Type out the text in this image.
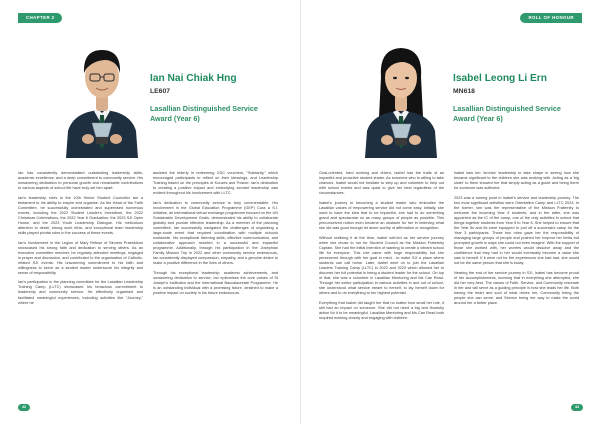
CHAPTER 2
Ian Nai Chiak Hng
LE607
Lasallian Distinguished Service Award (Year 6)

Ian has consistently demonstrated outstanding leadership skills, academic excellence, and a deep commitment to community service. His unwavering dedication to personal growth and remarkable contributions to various aspects of school life have truly set him apart.

Ian's leadership roles in the 10th Senior Student Councillor are a testament to his ability to inspire and organise. As the Head of the Faith Committee, he successfully orchestrated and supervised numerous events, including the 2022 Student Leader's Investiture, the 2022 Christmas Celebrations, the 2022 Year 6 Graduation, the 2023 SJI Open House, and the 2023 Youth Leadership Dialogue. His meticulous attention to detail, strong work ethic, and exceptional team leadership skills played pivotal roles in the success of these events.

Ian's involvement in the Legion of Mary Refuse of Sinners Praesidium showcased his strong faith and dedication to serving others. As an executive committee member, he regularly attended meetings, engaged in prayer and discussion, and contributed to the organisation of Catholic-related SJI events. His unwavering commitment to his faith and willingness to serve as a student leader underscore his integrity and sense of responsibility.

Ian's participation in the planning committee for the Lasallian Leadership Training Camp (LLTC) showcased his tenacious commitment to leadership and community service. He effectively organised and facilitated meaningful experiences, including activities like "Journey," where he

assisted the elderly in redeeming CDC vouchers, "Solidarity," which encouraged participants to reflect on their blessings, and Leadership Training based on the principles of Kouzes and Posner. Ian's dedication to creating a positive impact and embodying servant leadership was evident throughout his involvement with LLTC.

Ian's dedication to community service is truly commendable. His involvement in the Global Education Programme (GEP) Cura a S.I. initiative, an international virtual exchange programme focused on the UN Sustainable Development Goals, demonstrated his ability to collaborate globally and provide effective leadership. As a member of the planning committee, Ian successfully navigated the challenges of organising a large-scale event that required coordination with multiple schools worldwide. His exceptional listening skills, effective communication, and collaborative approach resulted in a successful and impactful programme. Additionally, through his participation in the Josephian Family Mission Trip in 2022 and other community service endeavours, Ian consistently displayed compassion, empathy, and a genuine desire to make a positive difference in the lives of others.

Through his exceptional leadership, academic achievements, and unwavering dedication to service, Ian epitomises the core values of St Joseph's Institution and the International Baccalaureate Programme. He is an outstanding individual with a promising future, destined to make a positive impact on society in his future endeavours.

42
ROLL OF HONOUR
Isabel Leong Li Ern
MN618
Lasallian Distinguished Service Award (Year 6)

Goal-oriented, hard working and driven, Isabel has the traits of an impactful and proactive student leader. As someone who is willing to take chances, Isabel would not hesitate to step up and volunteer to help out with school events and was quick to give her best regardless of the circumstances.

Isabel's journey to becoming a student leader who embodies the Lasallian values of empowering service did not come easy. Initially, she used to have the idea that to be impactful, she had to do something grand and spectacular so as many groups of people as possible. This preconceived notion even became an obstacle for her in believing what she did was good enough let alone worthy of affirmation or recognition.

Without realising it at the time, Isabel self-led as her service journey when she chose to run for Student Council as the Mission Fraternity Captain. She had the initial intention of wanting to create a vibrant school life for everyone. This role came with huge responsibility but she persevered through with her goal in mind - to make SJI a place where students can call home. Later, Isabel went on to join the Lasallian Leaders Training Camp (LLTC) in 2022 and 2023 which allowed her to discover her full potential in being a student leader for the school. On top of that, she was a volunteer in Lasallian Mentoring and Ms Can Read. Through her active participation in various activities in and out of school, she understood what service meant to herself, to lay herself down for others and to do everything to her highest potential.

Everything that Isabel did taught her that no matter how small her role, it still had an impact on someone. She did not need a big and flourishy action for it to be meaningful. Lasallian Mentoring and Ms Can Read both required working closely and engaging with children.

Isabel saw her 'service' leadership to take shape in seeing how she became significant to the children she was working with. Acting as a 'big sister' to them showed her that simply acting as a guide and being there for someone was sufficient.

2023 was a turning point in Isabel's service and leadership journey. The two most significant activities were Orientation Camp and LLTC 2023. In the former, she was the representative of the Mission Fraternity to welcome the incoming Year 5 students, and in the latter, she was appointed as the IC of the camp, one of the only activities in school that brings together students from Year 5 to Year 6. She helped to ensure that the Year 5s and 6s were equipped to pull off a successful camp for the Year 3 participants. These two roles gave her the responsibility of managing large groups of people and pushed her beyond her limits but prompted growth in ways she could not even imagine. With the support of those she worked with, her worries would dissolve away and the confidence that they had in her would eventually become a value she saw in herself. If it were not for the experiences she had had, she would not be the same person that she is today.

Nearing the end of her service journey in SJI, Isabel has become proud of her accomplishments, knowing that in everything she attempted, she did her very best. The values of Faith, Service, and Community resonate in her and will serve as a guiding principle in how she leads her life. Both having the heart and soul of what drives her, Community being the people she can serve, and Service being her way to make the world around her a better place.

43
